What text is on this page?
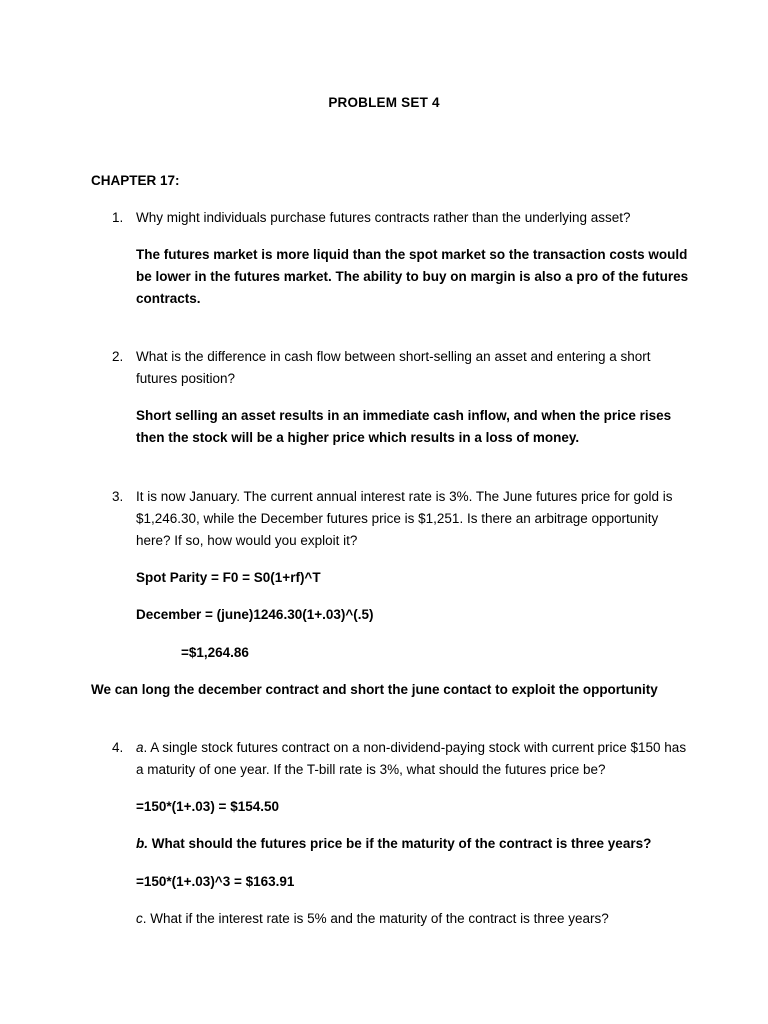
PROBLEM SET 4
CHAPTER 17:
1. Why might individuals purchase futures contracts rather than the underlying asset?
The futures market is more liquid than the spot market so the transaction costs would be lower in the futures market. The ability to buy on margin is also a pro of the futures contracts.
2. What is the difference in cash flow between short-selling an asset and entering a short futures position?
Short selling an asset results in an immediate cash inflow, and when the price rises then the stock will be a higher price which results in a loss of money.
3. It is now January. The current annual interest rate is 3%. The June futures price for gold is $1,246.30, while the December futures price is $1,251. Is there an arbitrage opportunity here? If so, how would you exploit it?
Spot Parity = F0 = S0(1+rf)^T
December = (june)1246.30(1+.03)^(.5)
=$1,264.86
We can long the december contract and short the june contact to exploit the opportunity
4. a. A single stock futures contract on a non-dividend-paying stock with current price $150 has a maturity of one year. If the T-bill rate is 3%, what should the futures price be?
=150*(1+.03) = $154.50
b. What should the futures price be if the maturity of the contract is three years?
=150*(1+.03)^3 = $163.91
c. What if the interest rate is 5% and the maturity of the contract is three years?
